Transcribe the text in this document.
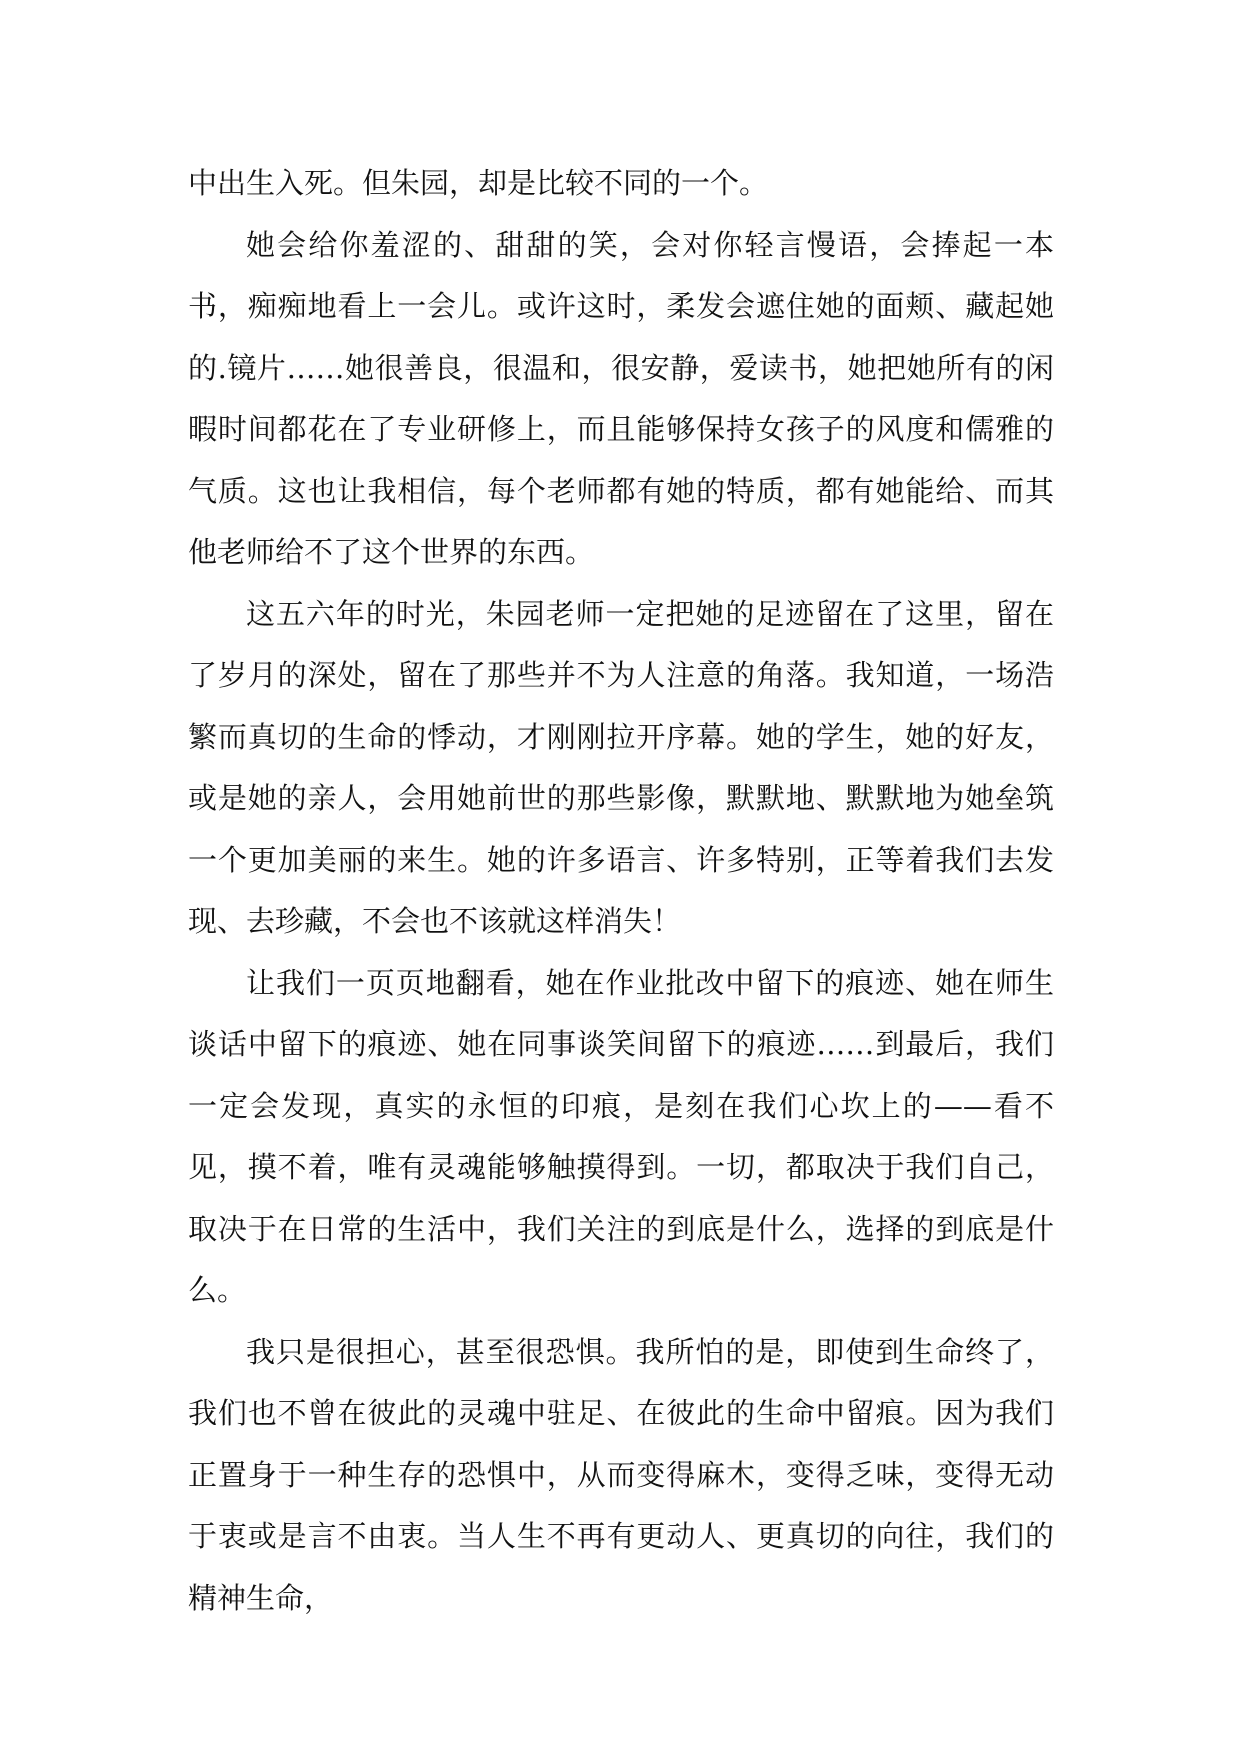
中出生入死。但朱园，却是比较不同的一个。

她会给你羞涩的、甜甜的笑，会对你轻言慢语，会捧起一本书，痴痴地看上一会儿。或许这时，柔发会遮住她的面颊、藏起她的.镜片……她很善良，很温和，很安静，爱读书，她把她所有的闲暇时间都花在了专业研修上，而且能够保持女孩子的风度和儒雅的气质。这也让我相信，每个老师都有她的特质，都有她能给、而其他老师给不了这个世界的东西。

这五六年的时光，朱园老师一定把她的足迹留在了这里，留在了岁月的深处，留在了那些并不为人注意的角落。我知道，一场浩繁而真切的生命的悸动，才刚刚拉开序幕。她的学生，她的好友，或是她的亲人，会用她前世的那些影像，默默地、默默地为她垒筑一个更加美丽的来生。她的许多语言、许多特别，正等着我们去发现、去珍藏，不会也不该就这样消失！

让我们一页页地翻看，她在作业批改中留下的痕迹、她在师生谈话中留下的痕迹、她在同事谈笑间留下的痕迹……到最后，我们一定会发现，真实的永恒的印痕，是刻在我们心坎上的——看不见，摸不着，唯有灵魂能够触摸得到。一切，都取决于我们自己，取决于在日常的生活中，我们关注的到底是什么，选择的到底是什么。

我只是很担心，甚至很恐惧。我所怕的是，即使到生命终了，我们也不曾在彼此的灵魂中驻足、在彼此的生命中留痕。因为我们正置身于一种生存的恐惧中，从而变得麻木，变得乏味，变得无动于衷或是言不由衷。当人生不再有更动人、更真切的向往，我们的精神生命，
